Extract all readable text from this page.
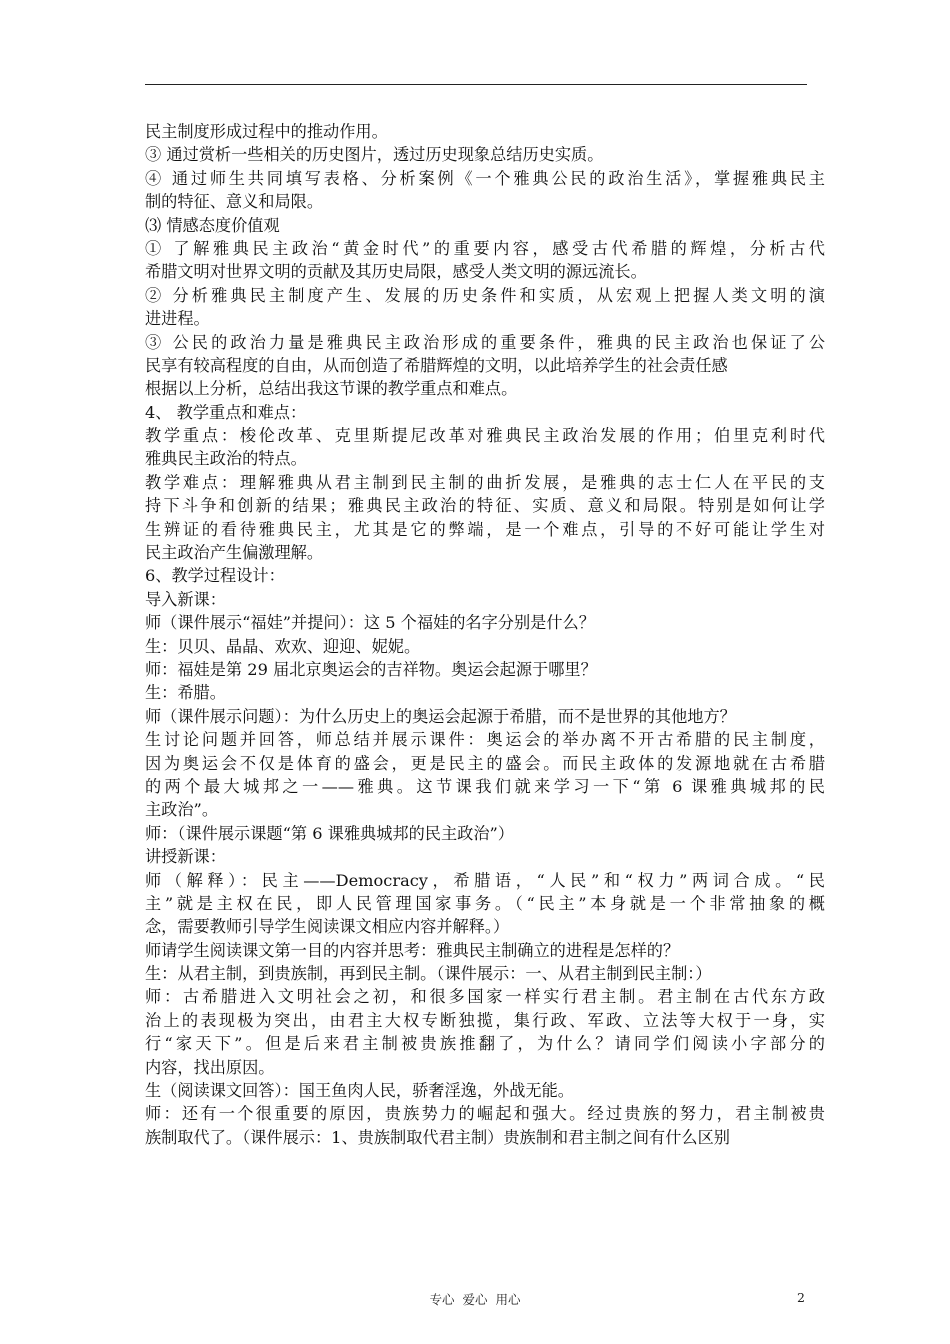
民主制度形成过程中的推动作用。
③ 通过赏析一些相关的历史图片，透过历史现象总结历史实质。
④ 通过师生共同填写表格、分析案例《一个雅典公民的政治生活》，掌握雅典民主
制的特征、意义和局限。
⑶ 情感态度价值观
① 了解雅典民主政治“黄金时代”的重要内容，感受古代希腊的辉煌，分析古代
希腊文明对世界文明的贡献及其历史局限，感受人类文明的源远流长。
② 分析雅典民主制度产生、发展的历史条件和实质，从宏观上把握人类文明的演
进进程。
③ 公民的政治力量是雅典民主政治形成的重要条件，雅典的民主政治也保证了公
民享有较高程度的自由，从而创造了希腊辉煌的文明，以此培养学生的社会责任感
根据以上分析，总结出我这节课的教学重点和难点。
4、 教学重点和难点：
教学重点：梭伦改革、克里斯提尼改革对雅典民主政治发展的作用；伯里克利时代
雅典民主政治的特点。
教学难点：理解雅典从君主制到民主制的曲折发展，是雅典的志士仁人在平民的支
持下斗争和创新的结果；雅典民主政治的特征、实质、意义和局限。特别是如何让学
生辨证的看待雅典民主，尤其是它的弊端，是一个难点，引导的不好可能让学生对
民主政治产生偏激理解。
6、教学过程设计：
导入新课：
师（课件展示“福娃”并提问）：这 5 个福娃的名字分别是什么？
生：贝贝、晶晶、欢欢、迎迎、妮妮。
师：福娃是第 29 届北京奥运会的吉祥物。奥运会起源于哪里？
生：希腊。
师（课件展示问题）：为什么历史上的奥运会起源于希腊，而不是世界的其他地方？
生讨论问题并回答，师总结并展示课件：奥运会的举办离不开古希腊的民主制度，
因为奥运会不仅是体育的盛会，更是民主的盛会。而民主政体的发源地就在古希腊
的两个最大城邦之一——雅典。这节课我们就来学习一下“第 6 课雅典城邦的民
主政治”。
师：（课件展示课题“第 6 课雅典城邦的民主政治”）
讲授新课：
师（解释）：民主——Democracy，希腊语，“人民”和“权力”两词合成。“民
主”就是主权在民，即人民管理国家事务。（“民主”本身就是一个非常抽象的概
念，需要教师引导学生阅读课文相应内容并解释。）
师请学生阅读课文第一目的内容并思考：雅典民主制确立的进程是怎样的？
生：从君主制，到贵族制，再到民主制。（课件展示：一、从君主制到民主制：）
师：古希腊进入文明社会之初，和很多国家一样实行君主制。君主制在古代东方政
治上的表现极为突出，由君主大权专断独揽，集行政、军政、立法等大权于一身，实
行“家天下”。但是后来君主制被贵族推翻了，为什么？请同学们阅读小字部分的
内容，找出原因。
生（阅读课文回答）：国王鱼肉人民，骄奢淫逸，外战无能。
师：还有一个很重要的原因，贵族势力的崛起和强大。经过贵族的努力，君主制被贵
族制取代了。（课件展示：1、贵族制取代君主制）贵族制和君主制之间有什么区别
专心  爱心  用心	2
